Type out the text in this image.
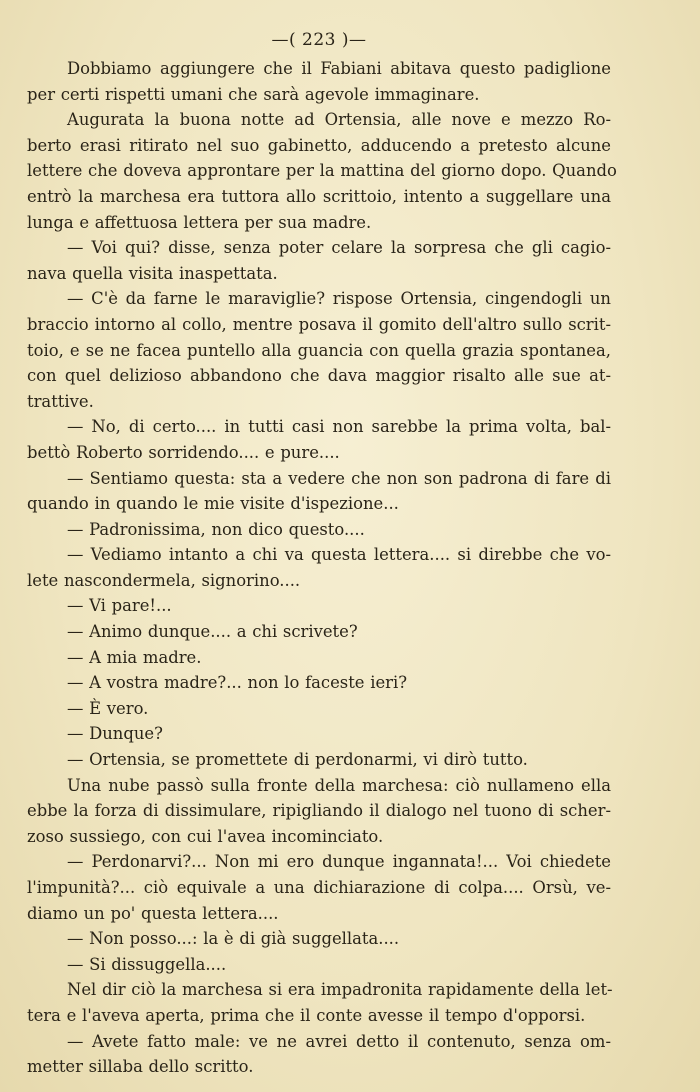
—( 223 )—

Dobbiamo aggiungere che il Fabiani abitava questo padiglione
per certi rispetti umani che sarà agevole immaginare.

Augurata la buona notte ad Ortensia, alle nove e mezzo Ro-
berto erasi ritirato nel suo gabinetto, adducendo a pretesto alcune
lettere che doveva approntare per la mattina del giorno dopo. Quando
entrò la marchesa era tuttora allo scrittoio, intento a suggellare una
lunga e affettuosa lettera per sua madre.

— Voi qui? disse, senza poter celare la sorpresa che gli cagio-
nava quella visita inaspettata.

— C'è da farne le maraviglie? rispose Ortensia, cingendogli un
braccio intorno al collo, mentre posava il gomito dell'altro sullo scrit-
toio, e se ne facea puntello alla guancia con quella grazia spontanea,
con quel delizioso abbandono che dava maggior risalto alle sue at-
trattive.

— No, di certo.... in tutti casi non sarebbe la prima volta, bal-
bettò Roberto sorridendo.... e pure....

— Sentiamo questa: sta a vedere che non son padrona di fare di
quando in quando le mie visite d'ispezione...

— Padronissima, non dico questo....

— Vediamo intanto a chi va questa lettera.... si direbbe che vo-
lete nascondermela, signorino....

— Vi pare!...

— Animo dunque.... a chi scrivete?

— A mia madre.

— A vostra madre?... non lo faceste ieri?

— È vero.

— Dunque?

— Ortensia, se promettete di perdonarmi, vi dirò tutto.

Una nube passò sulla fronte della marchesa: ciò nullameno ella
ebbe la forza di dissimulare, ripigliando il dialogo nel tuono di scher-
zoso sussiego, con cui l'avea incominciato.

— Perdonarvi?... Non mi ero dunque ingannata!... Voi chiedete
l'impunità?... ciò equivale a una dichiarazione di colpa.... Orsù, ve-
diamo un po' questa lettera....

— Non posso...: la è di già suggellata....

— Si dissuggella....

Nel dir ciò la marchesa si era impadronita rapidamente della let-
tera e l'aveva aperta, prima che il conte avesse il tempo d'opporsi.

— Avete fatto male: ve ne avrei detto il contenuto, senza om-
metter sillaba dello scritto.
